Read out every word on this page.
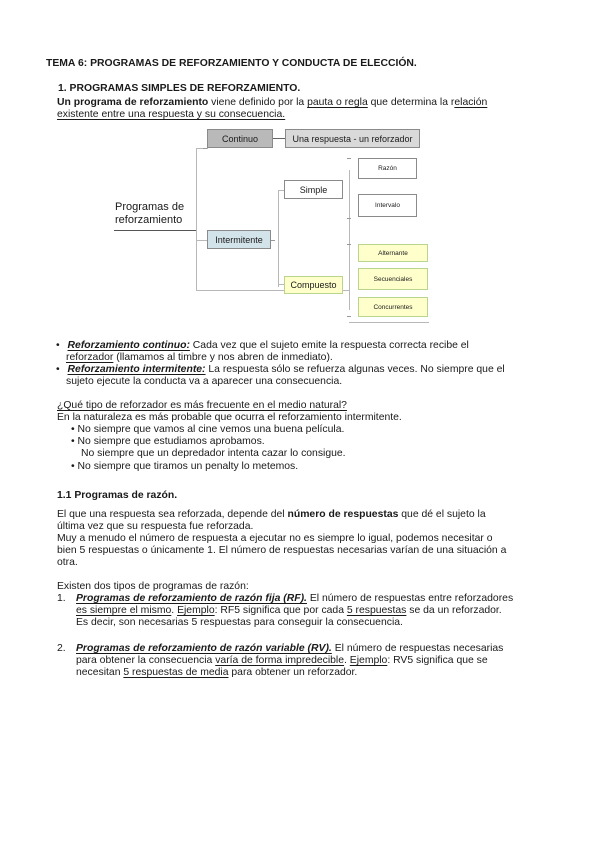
TEMA 6: PROGRAMAS DE REFORZAMIENTO Y CONDUCTA DE ELECCIÓN.
1. PROGRAMAS SIMPLES DE REFORZAMIENTO.
Un programa de reforzamiento viene definido por la pauta o regla que determina la relación
existente entre una respuesta y su consecuencia.
Programas de
reforzamiento
Continuo	Una respuesta - un reforzador
Intermitente
Simple
Razón
Intervalo
Compuesto
Alternante
Secuenciales
Concurrentes
• Reforzamiento continuo: Cada vez que el sujeto emite la respuesta correcta recibe el
reforzador (llamamos al timbre y nos abren de inmediato).
• Reforzamiento intermitente: La respuesta sólo se refuerza algunas veces. No siempre que el
sujeto ejecute la conducta va a aparecer una consecuencia.
¿Qué tipo de reforzador es más frecuente en el medio natural?
En la naturaleza es más probable que ocurra el reforzamiento intermitente.
• No siempre que vamos al cine vemos una buena película.
• No siempre que estudiamos aprobamos.
No siempre que un depredador intenta cazar lo consigue.
• No siempre que tiramos un penalty lo metemos.
1.1 Programas de razón.
El que una respuesta sea reforzada, depende del número de respuestas que dé el sujeto la
última vez que su respuesta fue reforzada.
Muy a menudo el número de respuesta a ejecutar no es siempre lo igual, podemos necesitar o
bien 5 respuestas o únicamente 1. El número de respuestas necesarias varían de una situación a
otra.
Existen dos tipos de programas de razón:
1. Programas de reforzamiento de razón fija (RF). El número de respuestas entre reforzadores
es siempre el mismo. Ejemplo: RF5 significa que por cada 5 respuestas se da un reforzador.
Es decir, son necesarias 5 respuestas para conseguir la consecuencia.
2. Programas de reforzamiento de razón variable (RV). El número de respuestas necesarias
para obtener la consecuencia varía de forma impredecible. Ejemplo: RV5 significa que se
necesitan 5 respuestas de media para obtener un reforzador.
